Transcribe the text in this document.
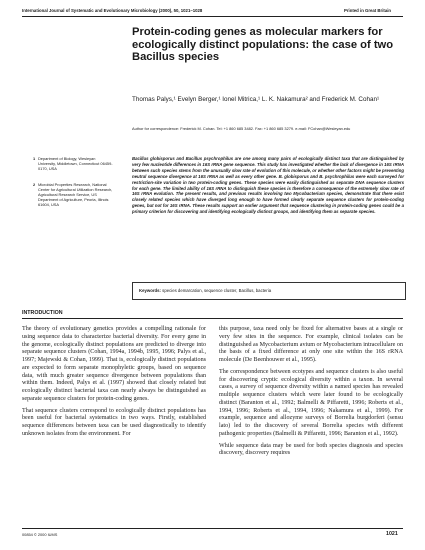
International Journal of Systematic and Evolutionary Microbiology (2000), 50, 1021–1028	Printed in Great Britain
Protein-coding genes as molecular markers for ecologically distinct populations: the case of two Bacillus species
Thomas Palys,¹ Evelyn Berger,¹ Ionel Mitrica,¹ L. K. Nakamura² and Frederick M. Cohan¹
Author for correspondence: Frederick M. Cohan. Tel: +1 860 685 3482. Fax: +1 860 685 3279. e-mail: FCohan@Wesleyan.edu
1 Department of Biology, Wesleyan University, Middletown, Connecticut 06459-0170, USA
2 Microbial Properties Research, National Center for Agricultural Utilization Research, Agricultural Research Service, US Department of Agriculture, Peoria, Illinois 61604, USA
Bacillus globisporus and Bacillus psychrophilus are one among many pairs of ecologically distinct taxa that are distinguished by very few nucleotide differences in 16S rRNA gene sequence. This study has investigated whether the lack of divergence in 16S rRNA between such species stems from the unusually slow rate of evolution of this molecule, or whether other factors might be preventing neutral sequence divergence at 16S rRNA as well as every other gene. B. globisporus and B. psychrophilus were each surveyed for restriction-site variation in two protein-coding genes. These species were easily distinguished as separate DNA sequence clusters for each gene. The limited ability of 16S rRNA to distinguish these species is therefore a consequence of the extremely slow rate of 16S rRNA evolution. The present results, and previous results involving two Mycobacterium species, demonstrate that there exist closely related species which have diverged long enough to have formed clearly separate sequence clusters for protein-coding genes, but not for 16S rRNA. These results support an earlier argument that sequence clustering in protein-coding genes could be a primary criterion for discovering and identifying ecologically distinct groups, and identifying them as separate species.
Keywords: species demarcation, sequence cluster, Bacillus, bacteria
INTRODUCTION

The theory of evolutionary genetics provides a compelling rationale for using sequence data to characterize bacterial diversity. For every gene in the genome, ecologically distinct populations are predicted to diverge into separate sequence clusters (Cohan, 1994a, 1994b, 1995, 1996; Palys et al., 1997; Majewski & Cohan, 1999). That is, ecologically distinct populations are expected to form separate monophyletic groups, based on sequence data, with much greater sequence divergence between populations than within them. Indeed, Palys et al. (1997) showed that closely related but ecologically distinct bacterial taxa can nearly always be distinguished as separate sequence clusters for protein-coding genes.

That sequence clusters correspond to ecologically distinct populations has been useful for bacterial systematics in two ways. Firstly, established sequence differences between taxa can be used diagnostically to identify unknown isolates from the environment. For

this purpose, taxa need only be fixed for alternative bases at a single or very few sites in the sequence. For example, clinical isolates can be distinguished as Mycobacterium avium or Mycobacterium intracellulare on the basis of a fixed difference at only one site within the 16S rRNA molecule (De Beenhouwer et al., 1995).

The correspondence between ecotypes and sequence clusters is also useful for discovering cryptic ecological diversity within a taxon. In several cases, a survey of sequence diversity within a named species has revealed multiple sequence clusters which were later found to be ecologically distinct (Baranton et al., 1992; Balmelli & Piffaretti, 1996; Roberts et al., 1994, 1996; Roberts et al., 1994, 1996; Nakamura et al., 1999). For example, sequence and allozyme surveys of Borrelia burgdorferi (sensu lato) led to the discovery of several Borrelia species with different pathogenic properties (Balmelli & Piffaretti, 1996; Baranton et al., 1992).

While sequence data may be used for both species diagnosis and species discovery, discovery requires

00854 © 2000 IUMS	1021
